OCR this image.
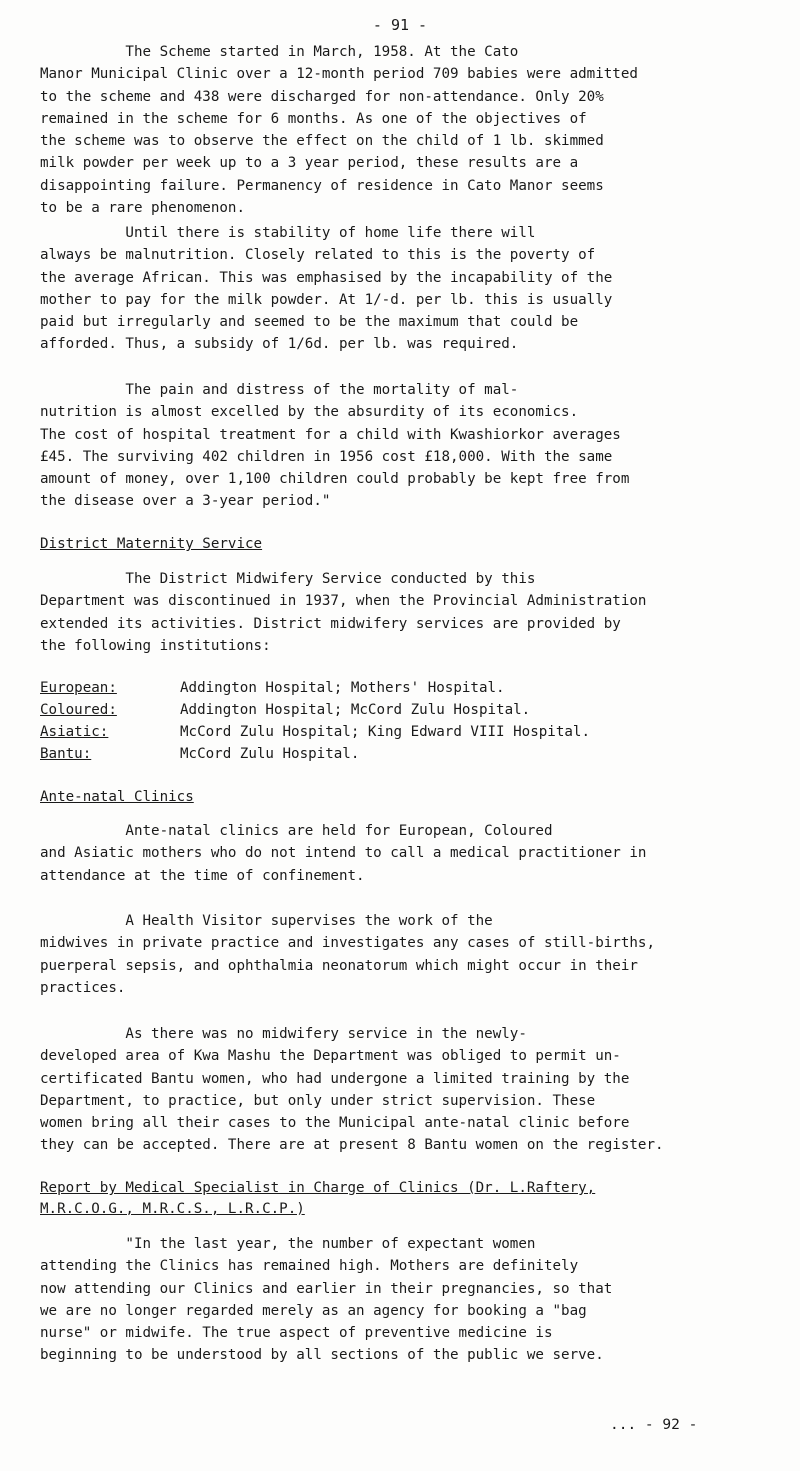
- 91 -
The Scheme started in March, 1958. At the Cato
Manor Municipal Clinic over a 12-month period 709 babies were admitted
to the scheme and 438 were discharged for non-attendance. Only 20%
remained in the scheme for 6 months. As one of the objectives of
the scheme was to observe the effect on the child of 1 lb. skimmed
milk powder per week up to a 3 year period, these results are a
disappointing failure. Permanency of residence in Cato Manor seems
to be a rare phenomenon.
Until there is stability of home life there will
always be malnutrition. Closely related to this is the poverty of
the average African. This was emphasised by the incapability of the
mother to pay for the milk powder. At 1/-d. per lb. this is usually
paid but irregularly and seemed to be the maximum that could be
afforded. Thus, a subsidy of 1/6d. per lb. was required.
The pain and distress of the mortality of mal-
nutrition is almost excelled by the absurdity of its economics.
The cost of hospital treatment for a child with Kwashiorkor averages
£45. The surviving 402 children in 1956 cost £18,000. With the same
amount of money, over 1,100 children could probably be kept free from
the disease over a 3-year period."
District Maternity Service
The District Midwifery Service conducted by this
Department was discontinued in 1937, when the Provincial Administration
extended its activities. District midwifery services are provided by
the following institutions:
European:	Addington Hospital; Mothers' Hospital.
Coloured:	Addington Hospital; McCord Zulu Hospital.
Asiatic:	McCord Zulu Hospital; King Edward VIII Hospital.
Bantu:	McCord Zulu Hospital.
Ante-natal Clinics
Ante-natal clinics are held for European, Coloured
and Asiatic mothers who do not intend to call a medical practitioner in
attendance at the time of confinement.
A Health Visitor supervises the work of the
midwives in private practice and investigates any cases of still-births,
puerperal sepsis, and ophthalmia neonatorum which might occur in their
practices.
As there was no midwifery service in the newly-
developed area of Kwa Mashu the Department was obliged to permit un-
certificated Bantu women, who had undergone a limited training by the
Department, to practice, but only under strict supervision. These
women bring all their cases to the Municipal ante-natal clinic before
they can be accepted. There are at present 8 Bantu women on the register.
Report by Medical Specialist in Charge of Clinics (Dr. L.Raftery,
M.R.C.O.G., M.R.C.S., L.R.C.P.)
"In the last year, the number of expectant women
attending the Clinics has remained high. Mothers are definitely
now attending our Clinics and earlier in their pregnancies, so that
we are no longer regarded merely as an agency for booking a "bag
nurse" or midwife. The true aspect of preventive medicine is
beginning to be understood by all sections of the public we serve.
... - 92 -
